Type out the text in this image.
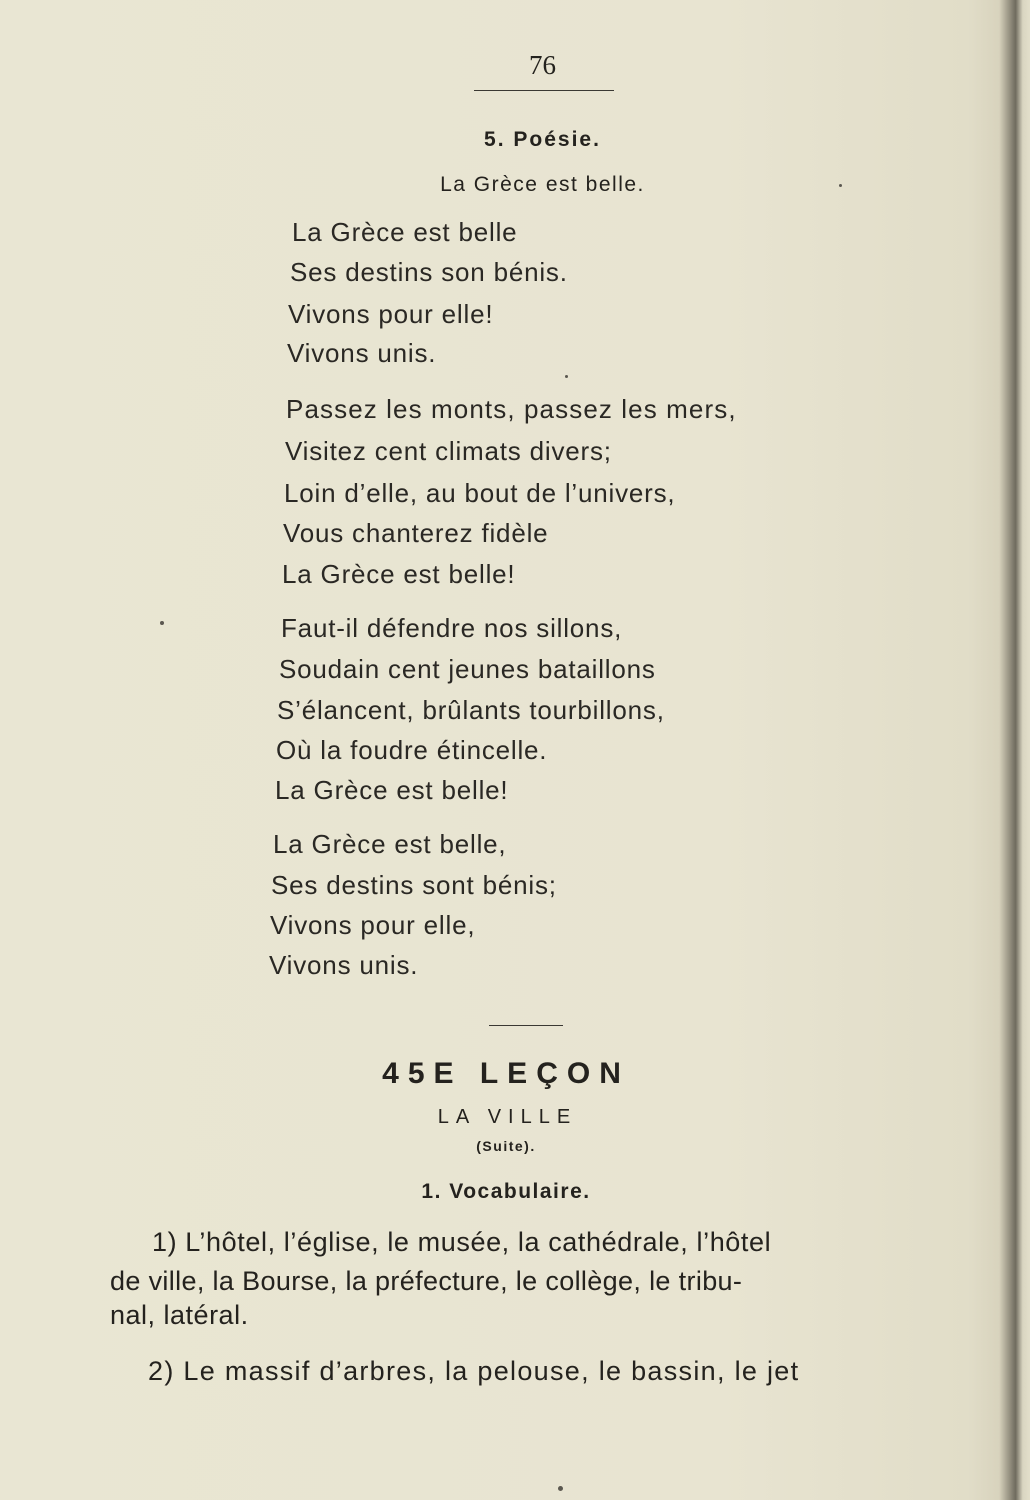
76
5. Poésie.
La Grèce est belle.
La Grèce est belle
Ses destins son bénis.
Vivons pour elle!
Vivons unis.
Passez les monts, passez les mers,
Visitez cent climats divers;
Loin d’elle, au bout de l’univers,
Vous chanterez fidèle
La Grèce est belle!
Faut-il défendre nos sillons,
Soudain cent jeunes bataillons
S’élancent, brûlants tourbillons,
Où la foudre étincelle.
La Grèce est belle!
La Grèce est belle,
Ses destins sont bénis;
Vivons pour elle,
Vivons unis.
45E LEÇON
LA VILLE
(Suite).
1. Vocabulaire.
1) L’hôtel, l’église, le musée, la cathédrale, l’hôtel
de ville, la Bourse, la préfecture, le collège, le tribu-
nal, latéral.
2) Le massif d’arbres, la pelouse, le bassin, le jet
